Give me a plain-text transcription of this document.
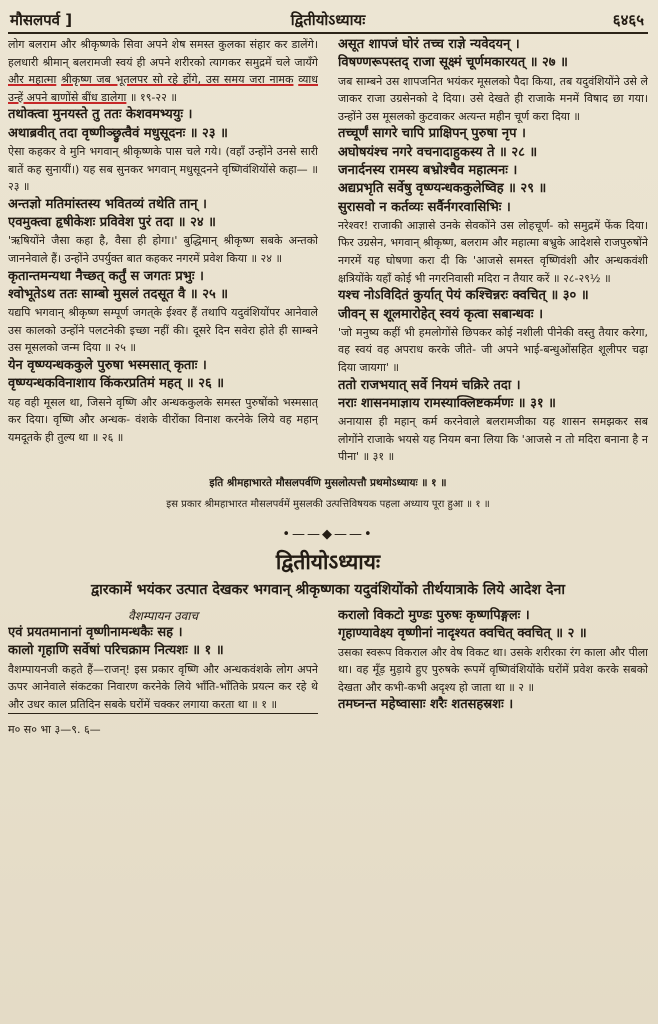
मौसलपर्व ]	द्वितीयोऽध्यायः	६४६५

लोग बलराम और श्रीकृष्णके सिवा अपने शेष समस्त कुलका संहार कर डालेंगे। हलधारी श्रीमान् बलरामजी स्वयं ही अपने शरीरको त्यागकर समुद्रमें चले जायँगे और महात्मा श्रीकृष्ण जब भूतलपर सो रहे होंगे, उस समय जरा नामक व्याध उन्हें अपने बाणोंसे बींध डालेगा ॥ १९-२२ ॥

तथोक्त्वा मुनयस्ते तु ततः केशवमभ्ययुः ।
अथाब्रवीत् तदा वृष्णीञ्छ्रुत्वैवं मधुसूदनः ॥ २३ ॥

ऐसा कहकर वे मुनि भगवान् श्रीकृष्णके पास चले गये। (वहाँ उन्होंने उनसे सारी बातें कह सुनायीं।) यह सब सुनकर भगवान् मधुसूदनने वृष्णिवंशियोंसे कहा— ॥ २३ ॥

अन्तज्ञो मतिमांस्तस्य भवितव्यं तथेति तान् ।
एवमुक्त्वा हृषीकेशः प्रविवेश पुरं तदा ॥ २४ ॥

'ऋषियोंने जैसा कहा है, वैसा ही होगा।' बुद्धिमान् श्रीकृष्ण सबके अन्तको जाननेवाले हैं। उन्होंने उपर्युक्त बात कहकर नगरमें प्रवेश किया ॥ २४ ॥

कृतान्तमन्यथा नैच्छत् कर्तुं स जगतः प्रभुः ।
श्वोभूतेऽथ ततः साम्बो मुसलं तदसूत वै ॥ २५ ॥

यद्यपि भगवान् श्रीकृष्ण सम्पूर्ण जगत्‌के ईश्वर हैं तथापि यदुवंशियोंपर आनेवाले उस कालको उन्होंने पलटनेकी इच्छा नहीं की। दूसरे दिन सवेरा होते ही साम्बने उस मूसलको जन्म दिया ॥ २५ ॥

येन वृष्ण्यन्धककुले पुरुषा भस्मसात् कृताः ।
वृष्ण्यन्धकविनाशाय किंकरप्रतिमं महत् ॥ २६ ॥

यह वही मूसल था, जिसने वृष्णि और अन्धककुलके समस्त पुरुषोंको भस्मसात् कर दिया। वृष्णि और अन्धक- वंशके वीरोंका विनाश करनेके लिये वह महान् यमदूतके ही तुल्य था ॥ २६ ॥

असूत शापजं घोरं तच्च राज्ञे न्यवेदयन् ।
विषण्णरूपस्तद् राजा सूक्ष्मं चूर्णमकारयत् ॥ २७ ॥

जब साम्बने उस शापजनित भयंकर मूसलको पैदा किया, तब यदुवंशियोंने उसे ले जाकर राजा उग्रसेनको दे दिया। उसे देखते ही राजाके मनमें विषाद छा गया। उन्होंने उस मूसलको कुटवाकर अत्यन्त महीन चूर्ण करा दिया ॥

तच्चूर्णं सागरे चापि प्राक्षिपन् पुरुषा नृप ।
अघोषयंश्च नगरे वचनादाहुकस्य ते ॥ २८ ॥
जनार्दनस्य रामस्य बभ्रोश्चैव महात्मनः ।
अद्यप्रभृति सर्वेषु वृष्ण्यन्धककुलेष्विह ॥ २९ ॥
सुरासवो न कर्तव्यः सर्वैर्नगरवासिभिः ।

नरेश्वर! राजाकी आज्ञासे उनके सेवकोंने उस लोहचूर्ण- को समुद्रमें फेंक दिया। फिर उग्रसेन, भगवान् श्रीकृष्ण, बलराम और महात्मा बभ्रुके आदेशसे राजपुरुषोंने नगरमें यह घोषणा करा दी कि 'आजसे समस्त वृष्णिवंशी और अन्धकवंशी क्षत्रियोंके यहाँ कोई भी नगरनिवासी मदिरा न तैयार करें ॥ २८-२९½ ॥

यश्च नोऽविदितं कुर्यात् पेयं कश्चिन्नरः क्वचित् ॥ ३० ॥
जीवन् स शूलमारोहेत् स्वयं कृत्वा सबान्धवः ।

'जो मनुष्य कहीं भी हमलोगोंसे छिपकर कोई नशीली पीनेकी वस्तु तैयार करेगा, वह स्वयं वह अपराध करके जीते- जी अपने भाई-बन्धुओंसहित शूलीपर चढ़ा दिया जायगा' ॥

ततो राजभयात् सर्वे नियमं चक्रिरे तदा ।
नराः शासनमाज्ञाय रामस्याक्लिष्टकर्मणः ॥ ३१ ॥

अनायास ही महान् कर्म करनेवाले बलरामजीका यह शासन समझकर सब लोगोंने राजाके भयसे यह नियम बना लिया कि 'आजसे न तो मदिरा बनाना है न पीना' ॥ ३१ ॥

इति श्रीमहाभारते मौसलपर्वणि मुसलोत्पत्तौ प्रथमोऽध्यायः ॥ १ ॥

इस प्रकार श्रीमहाभारत मौसलपर्वमें मुसलकी उत्पत्तिविषयक पहला अध्याय पूरा हुआ ॥ १ ॥

•——◆——•
द्वितीयोऽध्यायः
द्वारकामें भयंकर उत्पात देखकर भगवान् श्रीकृष्णका यदुवंशियोंको तीर्थयात्राके लिये आदेश देना

वैशम्पायन उवाच

एवं प्रयतमानानां वृष्णीनामन्धकैः सह ।
कालो गृहाणि सर्वेषां परिचक्राम नित्यशः ॥ १ ॥

वैशम्पायनजी कहते हैं—राजन्! इस प्रकार वृष्णि और अन्धकवंशके लोग अपने ऊपर आनेवाले संकटका निवारण करनेके लिये भाँति-भाँतिके प्रयत्न कर रहे थे और उधर काल प्रतिदिन सबके घरोंमें चक्कर लगाया करता था ॥ १ ॥

म० स० भा ३—९. ६—

करालो विकटो मुण्डः पुरुषः कृष्णपिङ्गलः ।
गृहाण्यावेक्ष्य वृष्णीनां नादृश्यत क्वचित् क्वचित् ॥ २ ॥

उसका स्वरूप विकराल और वेष विकट था। उसके शरीरका रंग काला और पीला था। वह मूँड़ मुड़ाये हुए पुरुषके रूपमें वृष्णिवंशियोंके घरोंमें प्रवेश करके सबको देखता और कभी-कभी अदृश्य हो जाता था ॥ २ ॥

तमघ्नन्त महेष्वासाः शरैः शतसहस्रशः ।
